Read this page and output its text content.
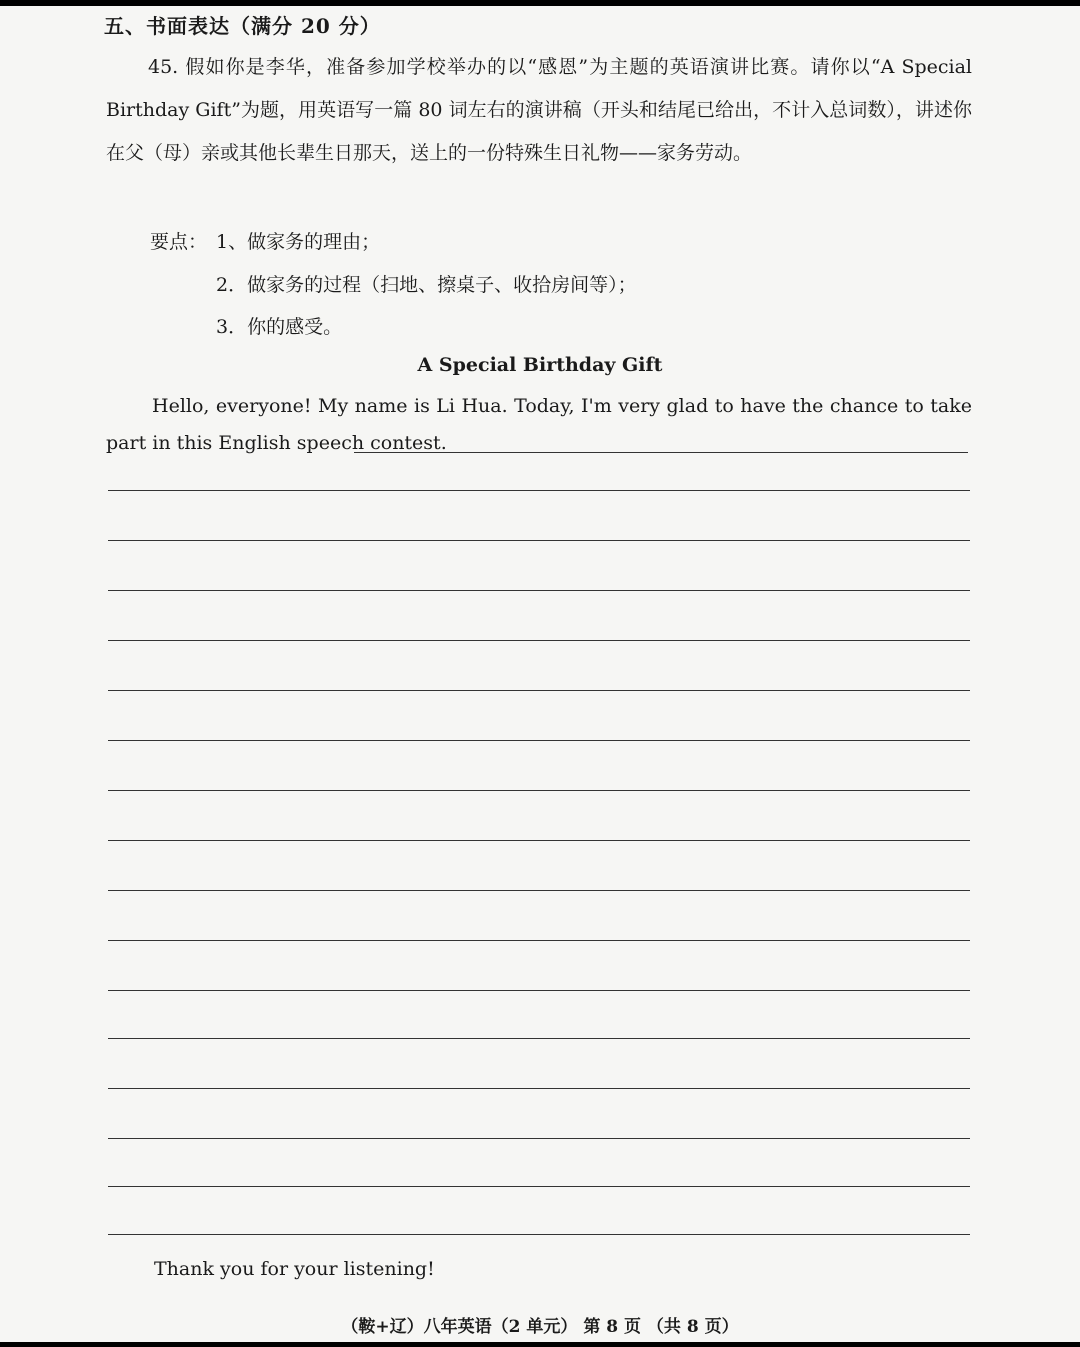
五、书面表达（满分 20 分）
45. 假如你是李华，准备参加学校举办的以“感恩”为主题的英语演讲比赛。请你以“A Special Birthday Gift”为题，用英语写一篇 80 词左右的演讲稿（开头和结尾已给出，不计入总词数），讲述你在父（母）亲或其他长辈生日那天，送上的一份特殊生日礼物——家务劳动。
要点： 1、做家务的理由；
2．做家务的过程（扫地、擦桌子、收拾房间等）；
3．你的感受。
A Special Birthday Gift
Hello, everyone! My name is Li Hua. Today, I'm very glad to have the chance to take part in this English speech contest.
Thank you for your listening!
（鞍+辽）八年英语（2 单元） 第 8 页 （共 8 页）
